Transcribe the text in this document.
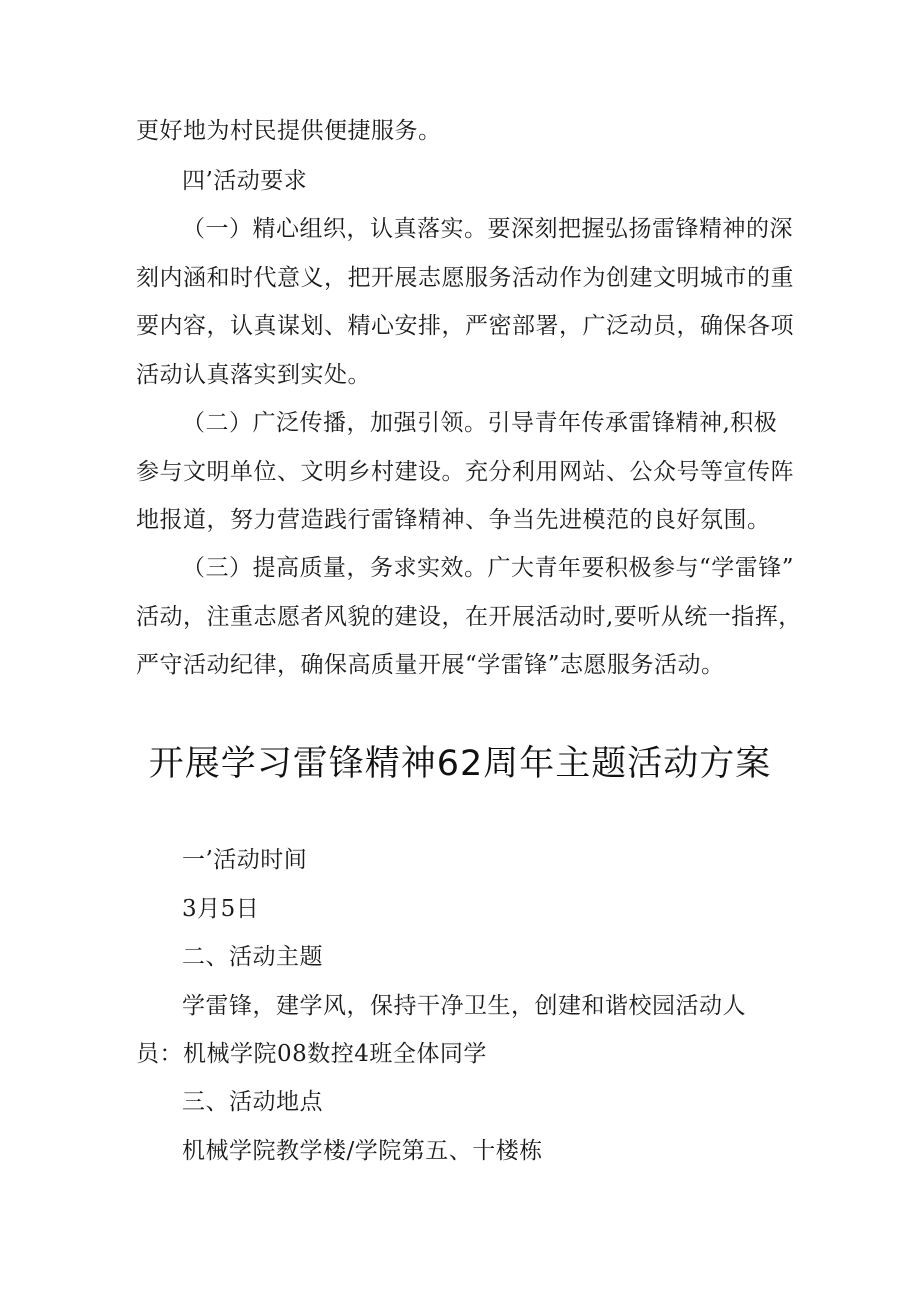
更好地为村民提供便捷服务。
四’活动要求
（一）精心组织，认真落实。要深刻把握弘扬雷锋精神的深
刻内涵和时代意义，把开展志愿服务活动作为创建文明城市的重
要内容，认真谋划、精心安排，严密部署，广泛动员，确保各项
活动认真落实到实处。
（二）广泛传播，加强引领。引导青年传承雷锋精神,积极
参与文明单位、文明乡村建设。充分利用网站、公众号等宣传阵
地报道，努力营造践行雷锋精神、争当先进模范的良好氛围。
（三）提高质量，务求实效。广大青年要积极参与“学雷锋”
活动，注重志愿者风貌的建设，在开展活动时,要听从统一指挥，
严守活动纪律，确保高质量开展“学雷锋”志愿服务活动。
开展学习雷锋精神62周年主题活动方案
一’活动时间
3月5日
二、活动主题
学雷锋，建学风，保持干净卫生，创建和谐校园活动人
员：机械学院08数控4班全体同学
三、活动地点
机械学院教学楼/学院第五、十楼栋
